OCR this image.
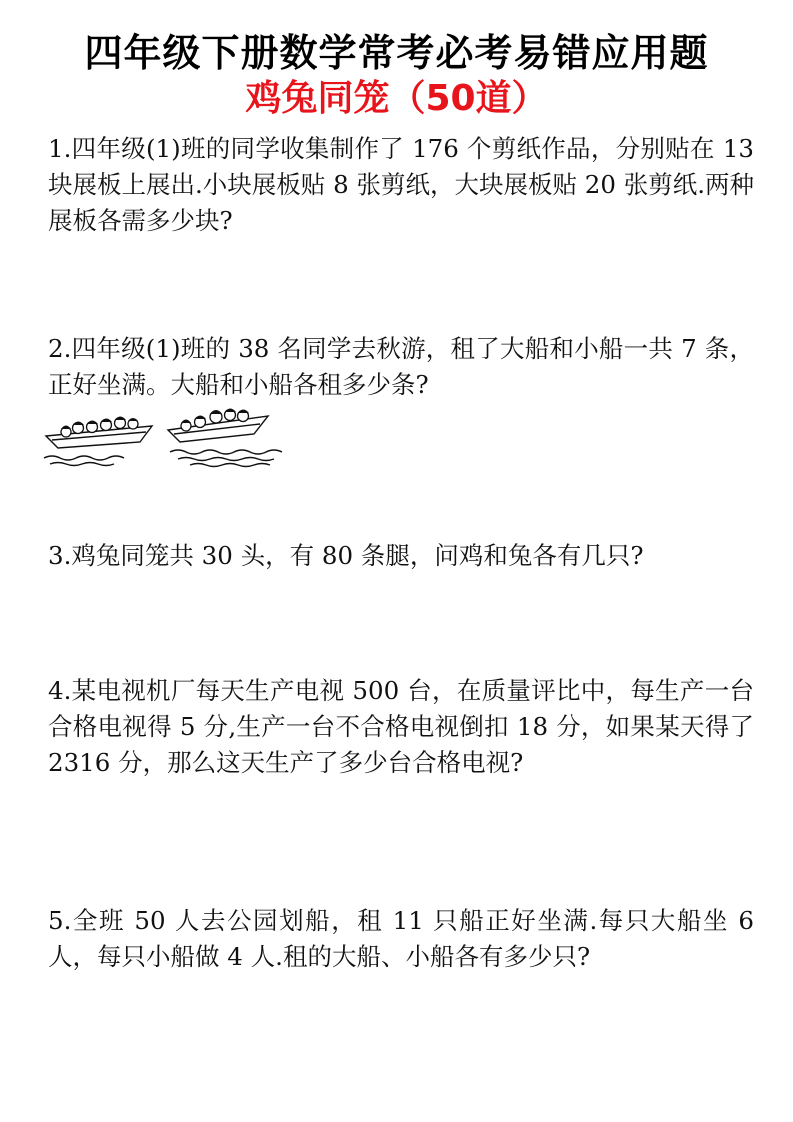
四年级下册数学常考必考易错应用题
鸡兔同笼（50道）
1.四年级(1)班的同学收集制作了 176 个剪纸作品，分别贴在 13 块展板上展出.小块展板贴 8 张剪纸，大块展板贴 20 张剪纸.两种展板各需多少块?
2.四年级(1)班的 38 名同学去秋游，租了大船和小船一共 7 条，正好坐满。大船和小船各租多少条?
3.鸡兔同笼共 30 头，有 80 条腿，问鸡和兔各有几只?
4.某电视机厂每天生产电视 500 台，在质量评比中，每生产一台合格电视得 5 分,生产一台不合格电视倒扣 18 分，如果某天得了 2316 分，那么这天生产了多少台合格电视?
5.全班 50 人去公园划船，租 11 只船正好坐满.每只大船坐 6 人，每只小船做 4 人.租的大船、小船各有多少只?
